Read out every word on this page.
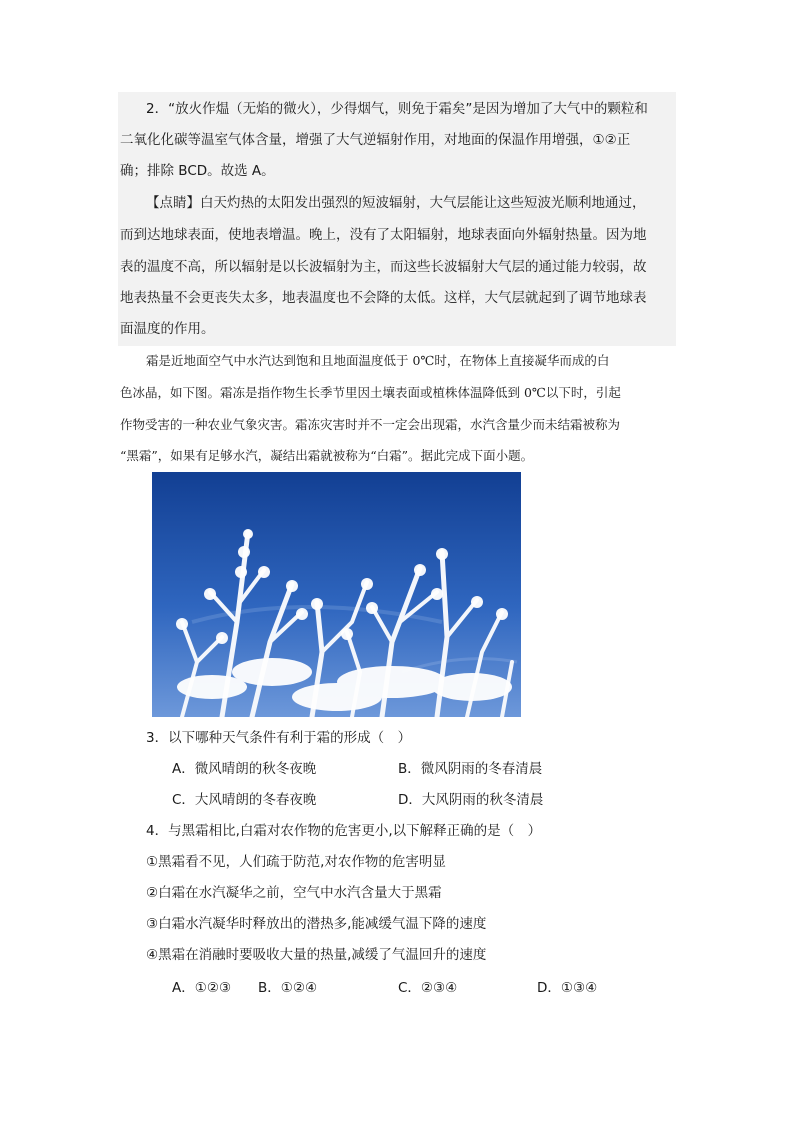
2．“放火作煴（无焰的微火），少得烟气，则免于霜矣”是因为增加了大气中的颗粒和
二氧化化碳等温室气体含量，增强了大气逆辐射作用，对地面的保温作用增强，①②正
确；排除 BCD。故选 A。
【点睛】白天灼热的太阳发出强烈的短波辐射，大气层能让这些短波光顺利地通过，
而到达地球表面，使地表增温。晚上，没有了太阳辐射，地球表面向外辐射热量。因为地
表的温度不高，所以辐射是以长波辐射为主，而这些长波辐射大气层的通过能力较弱，故
地表热量不会更丧失太多，地表温度也不会降的太低。这样，大气层就起到了调节地球表
面温度的作用。
霜是近地面空气中水汽达到饱和且地面温度低于 0℃时，在物体上直接凝华而成的白
色冰晶，如下图。霜冻是指作物生长季节里因土壤表面或植株体温降低到 0℃以下时，引起
作物受害的一种农业气象灾害。霜冻灾害时并不一定会出现霜，水汽含量少而未结霜被称为
“黑霜”，如果有足够水汽，凝结出霜就被称为“白霜”。据此完成下面小题。
3．以下哪种天气条件有利于霜的形成（　）
A．微风晴朗的秋冬夜晚	B．微风阴雨的冬春清晨
C．大风晴朗的冬春夜晚	D．大风阴雨的秋冬清晨
4．与黑霜相比,白霜对农作物的危害更小,以下解释正确的是（　）
①黑霜看不见，人们疏于防范,对农作物的危害明显
②白霜在水汽凝华之前，空气中水汽含量大于黑霜
③白霜水汽凝华时释放出的潜热多,能减缓气温下降的速度
④黑霜在消融时要吸收大量的热量,减缓了气温回升的速度
A．①②③ B．①②④	C．②③④	D．①③④
